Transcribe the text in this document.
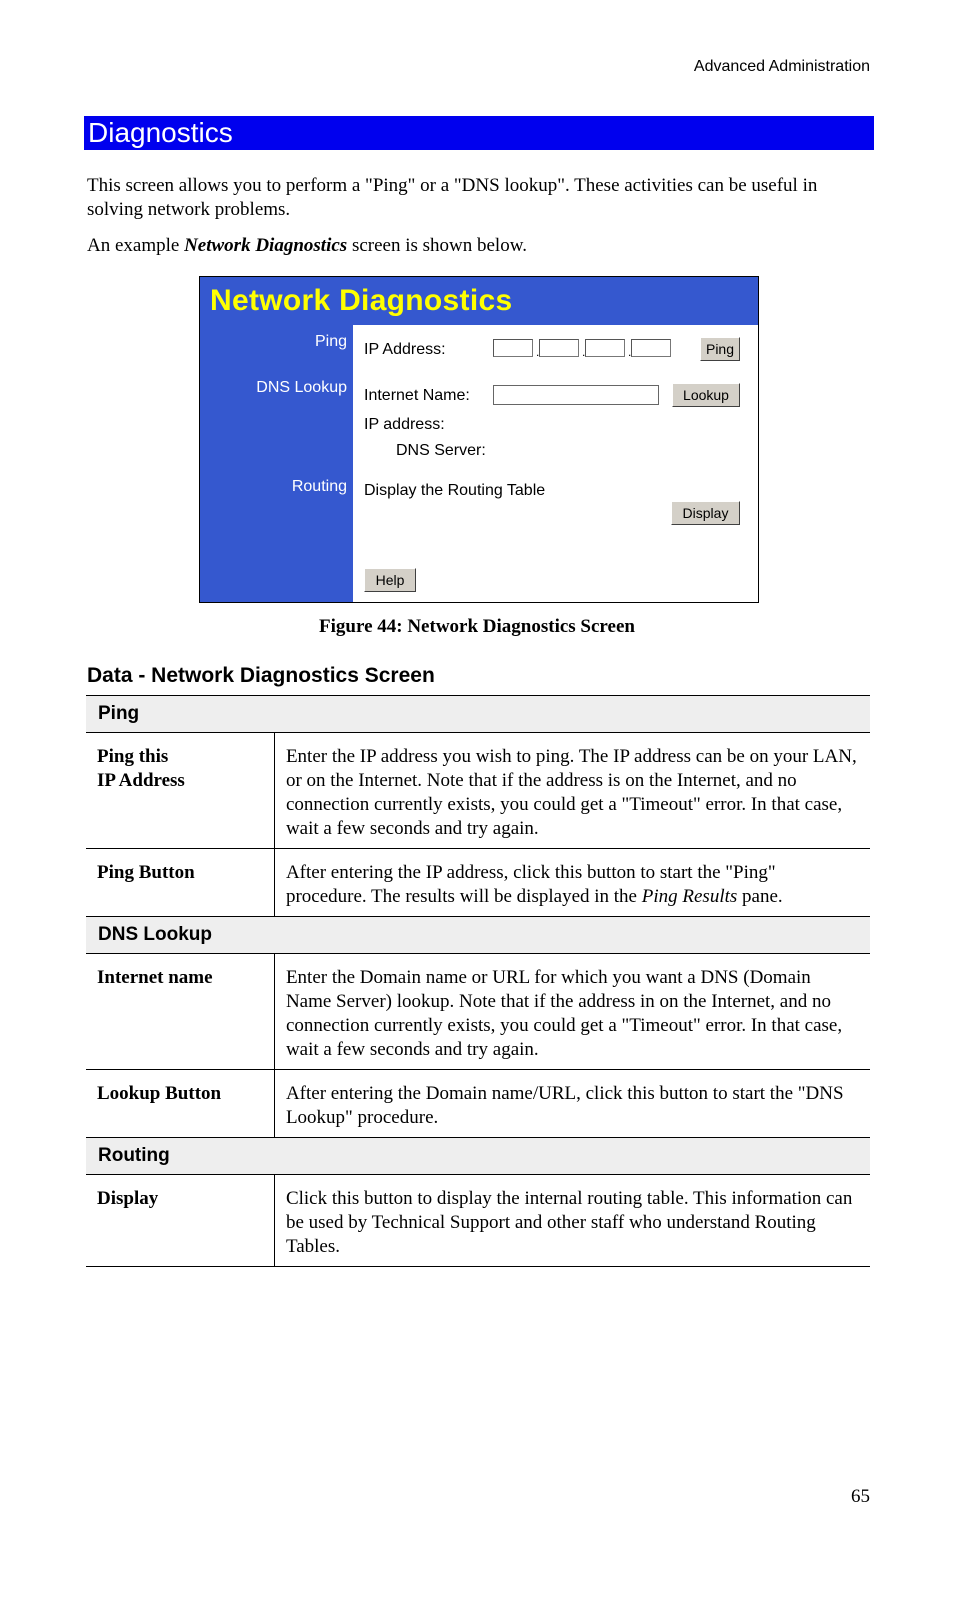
Advanced Administration
Diagnostics
This screen allows you to perform a "Ping" or a "DNS lookup". These activities can be useful in solving network problems.
An example Network Diagnostics screen is shown below.
Network Diagnostics
Ping
DNS Lookup
Routing
IP Address:	.	.	.	Ping
Internet Name:	Lookup
IP address:
DNS Server:
Display the Routing Table
Display
Help
Figure 44: Network Diagnostics Screen
Data - Network Diagnostics Screen
Ping	
Ping this
IP Address	Enter the IP address you wish to ping. The IP address can be on your LAN, or on the Internet. Note that if the address is on the Internet, and no connection currently exists, you could get a "Timeout" error. In that case, wait a few seconds and try again.
Ping Button	After entering the IP address, click this button to start the "Ping" procedure. The results will be displayed in the Ping Results pane.
DNS Lookup	
Internet name	Enter the Domain name or URL for which you want a DNS (Domain Name Server) lookup. Note that if the address in on the Internet, and no connection currently exists, you could get a "Timeout" error. In that case, wait a few seconds and try again.
Lookup Button	After entering the Domain name/URL, click this button to start the "DNS Lookup" procedure.
Routing	
Display	Click this button to display the internal routing table. This information can be used by Technical Support and other staff who understand Routing Tables.
65
